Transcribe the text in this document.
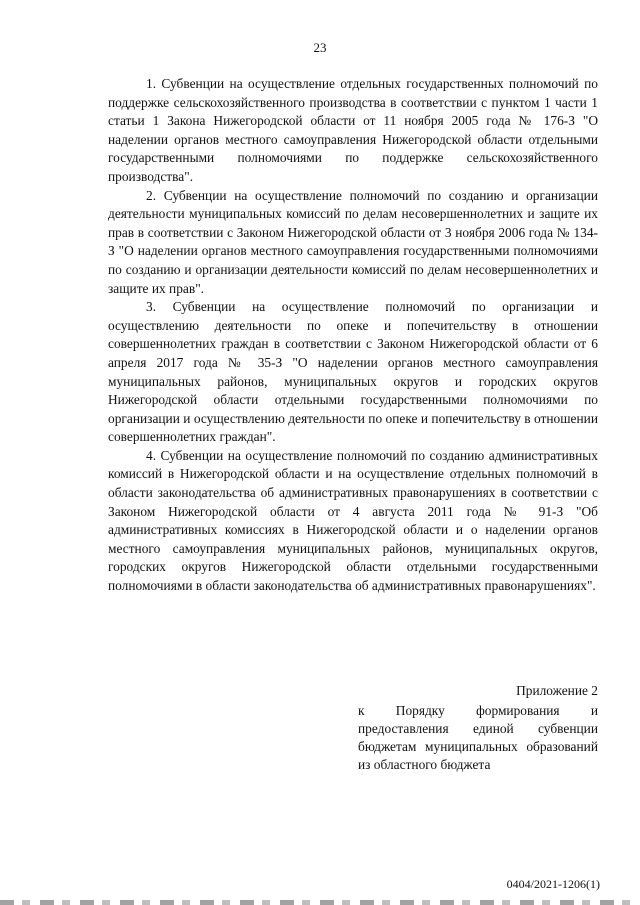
23

1. Субвенции на осуществление отдельных государственных полномочий по поддержке сельскохозяйственного производства в соответствии с пунктом 1 части 1 статьи 1 Закона Нижегородской области от 11 ноября 2005 года № 176-З "О наделении органов местного самоуправления Нижегородской области отдельными государственными полномочиями по поддержке сельскохозяйственного производства".

2. Субвенции на осуществление полномочий по созданию и организации деятельности муниципальных комиссий по делам несовершеннолетних и защите их прав в соответствии с Законом Нижегородской области от 3 ноября 2006 года № 134-З "О наделении органов местного самоуправления государственными полномочиями по созданию и организации деятельности комиссий по делам несовершеннолетних и защите их прав".

3. Субвенции на осуществление полномочий по организации и осуществлению деятельности по опеке и попечительству в отношении совершеннолетних граждан в соответствии с Законом Нижегородской области от 6 апреля 2017 года № 35-З "О наделении органов местного самоуправления муниципальных районов, муниципальных округов и городских округов Нижегородской области отдельными государственными полномочиями по организации и осуществлению деятельности по опеке и попечительству в отношении совершеннолетних граждан".

4. Субвенции на осуществление полномочий по созданию административных комиссий в Нижегородской области и на осуществление отдельных полномочий в области законодательства об административных правонарушениях в соответствии с Законом Нижегородской области от 4 августа 2011 года № 91-З "Об административных комиссиях в Нижегородской области и о наделении органов местного самоуправления муниципальных районов, муниципальных округов, городских округов Нижегородской области отдельными государственными полномочиями в области законодательства об административных правонарушениях".

Приложение 2

к Порядку формирования и предоставления единой субвенции бюджетам муниципальных образований из областного бюджета

0404/2021-1206(1)
